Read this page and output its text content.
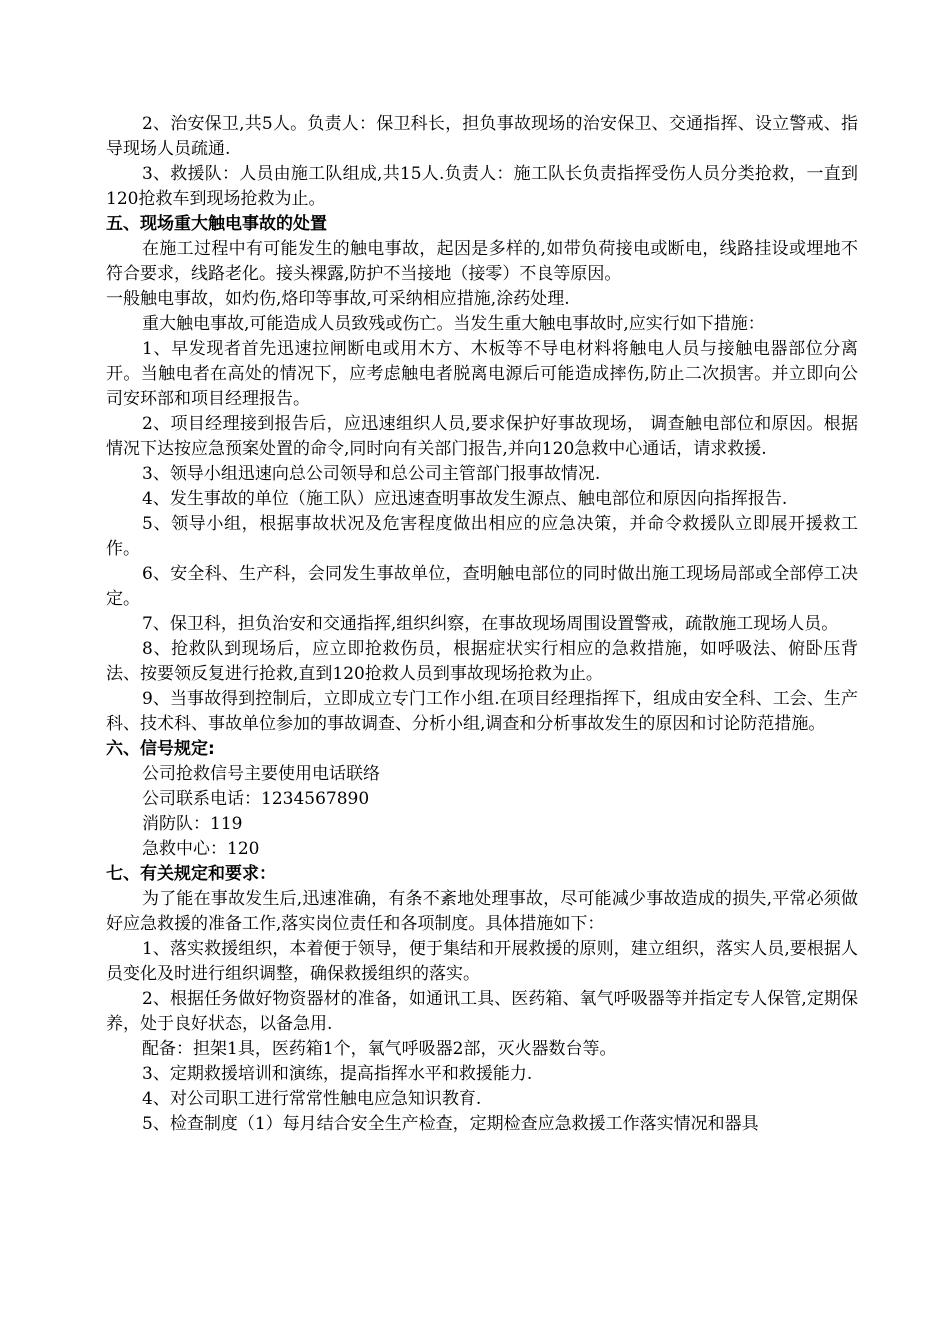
2、治安保卫,共5人。负责人：保卫科长，担负事故现场的治安保卫、交通指挥、设立警戒、指导现场人员疏通.

3、救援队：人员由施工队组成,共15人.负责人：施工队长负责指挥受伤人员分类抢救，一直到120抢救车到现场抢救为止。

五、现场重大触电事故的处置

在施工过程中有可能发生的触电事故，起因是多样的,如带负荷接电或断电，线路挂设或埋地不符合要求，线路老化。接头裸露,防护不当接地（接零）不良等原因。

一般触电事故，如灼伤,烙印等事故,可采纳相应措施,涂药处理.

重大触电事故,可能造成人员致残或伤亡。当发生重大触电事故时,应实行如下措施：

1、早发现者首先迅速拉闸断电或用木方、木板等不导电材料将触电人员与接触电器部位分离开。当触电者在高处的情况下，应考虑触电者脱离电源后可能造成摔伤,防止二次损害。并立即向公司安环部和项目经理报告。

2、项目经理接到报告后，应迅速组织人员,要求保护好事故现场， 调查触电部位和原因。根据情况下达按应急预案处置的命令,同时向有关部门报告,并向120急救中心通话，请求救援.

3、领导小组迅速向总公司领导和总公司主管部门报事故情况.

4、发生事故的单位（施工队）应迅速查明事故发生源点、触电部位和原因向指挥报告.

5、领导小组，根据事故状况及危害程度做出相应的应急决策，并命令救援队立即展开援救工作。

6、安全科、生产科，会同发生事故单位，查明触电部位的同时做出施工现场局部或全部停工决定。

7、保卫科，担负治安和交通指挥,组织纠察，在事故现场周围设置警戒，疏散施工现场人员。

8、抢救队到现场后，应立即抢救伤员，根据症状实行相应的急救措施，如呼吸法、俯卧压背法、按要领反复进行抢救,直到120抢救人员到事故现场抢救为止。

9、当事故得到控制后，立即成立专门工作小组.在项目经理指挥下，组成由安全科、工会、生产科、技术科、事故单位参加的事故调查、分析小组,调查和分析事故发生的原因和讨论防范措施。

六、信号规定:

公司抢救信号主要使用电话联络

公司联系电话：1234567890

消防队：119

急救中心：120

七、有关规定和要求：

为了能在事故发生后,迅速准确，有条不紊地处理事故，尽可能减少事故造成的损失,平常必须做好应急救援的准备工作,落实岗位责任和各项制度。具体措施如下：

1、落实救援组织，本着便于领导，便于集结和开展救援的原则，建立组织，落实人员,要根据人员变化及时进行组织调整，确保救援组织的落实。

2、根据任务做好物资器材的准备，如通讯工具、医药箱、氧气呼吸器等并指定专人保管,定期保养，处于良好状态，以备急用.

配备：担架1具，医药箱1个，氧气呼吸器2部，灭火器数台等。

3、定期救援培训和演练，提高指挥水平和救援能力.

4、对公司职工进行常常性触电应急知识教育.

5、检查制度（1）每月结合安全生产检查，定期检查应急救援工作落实情况和器具
